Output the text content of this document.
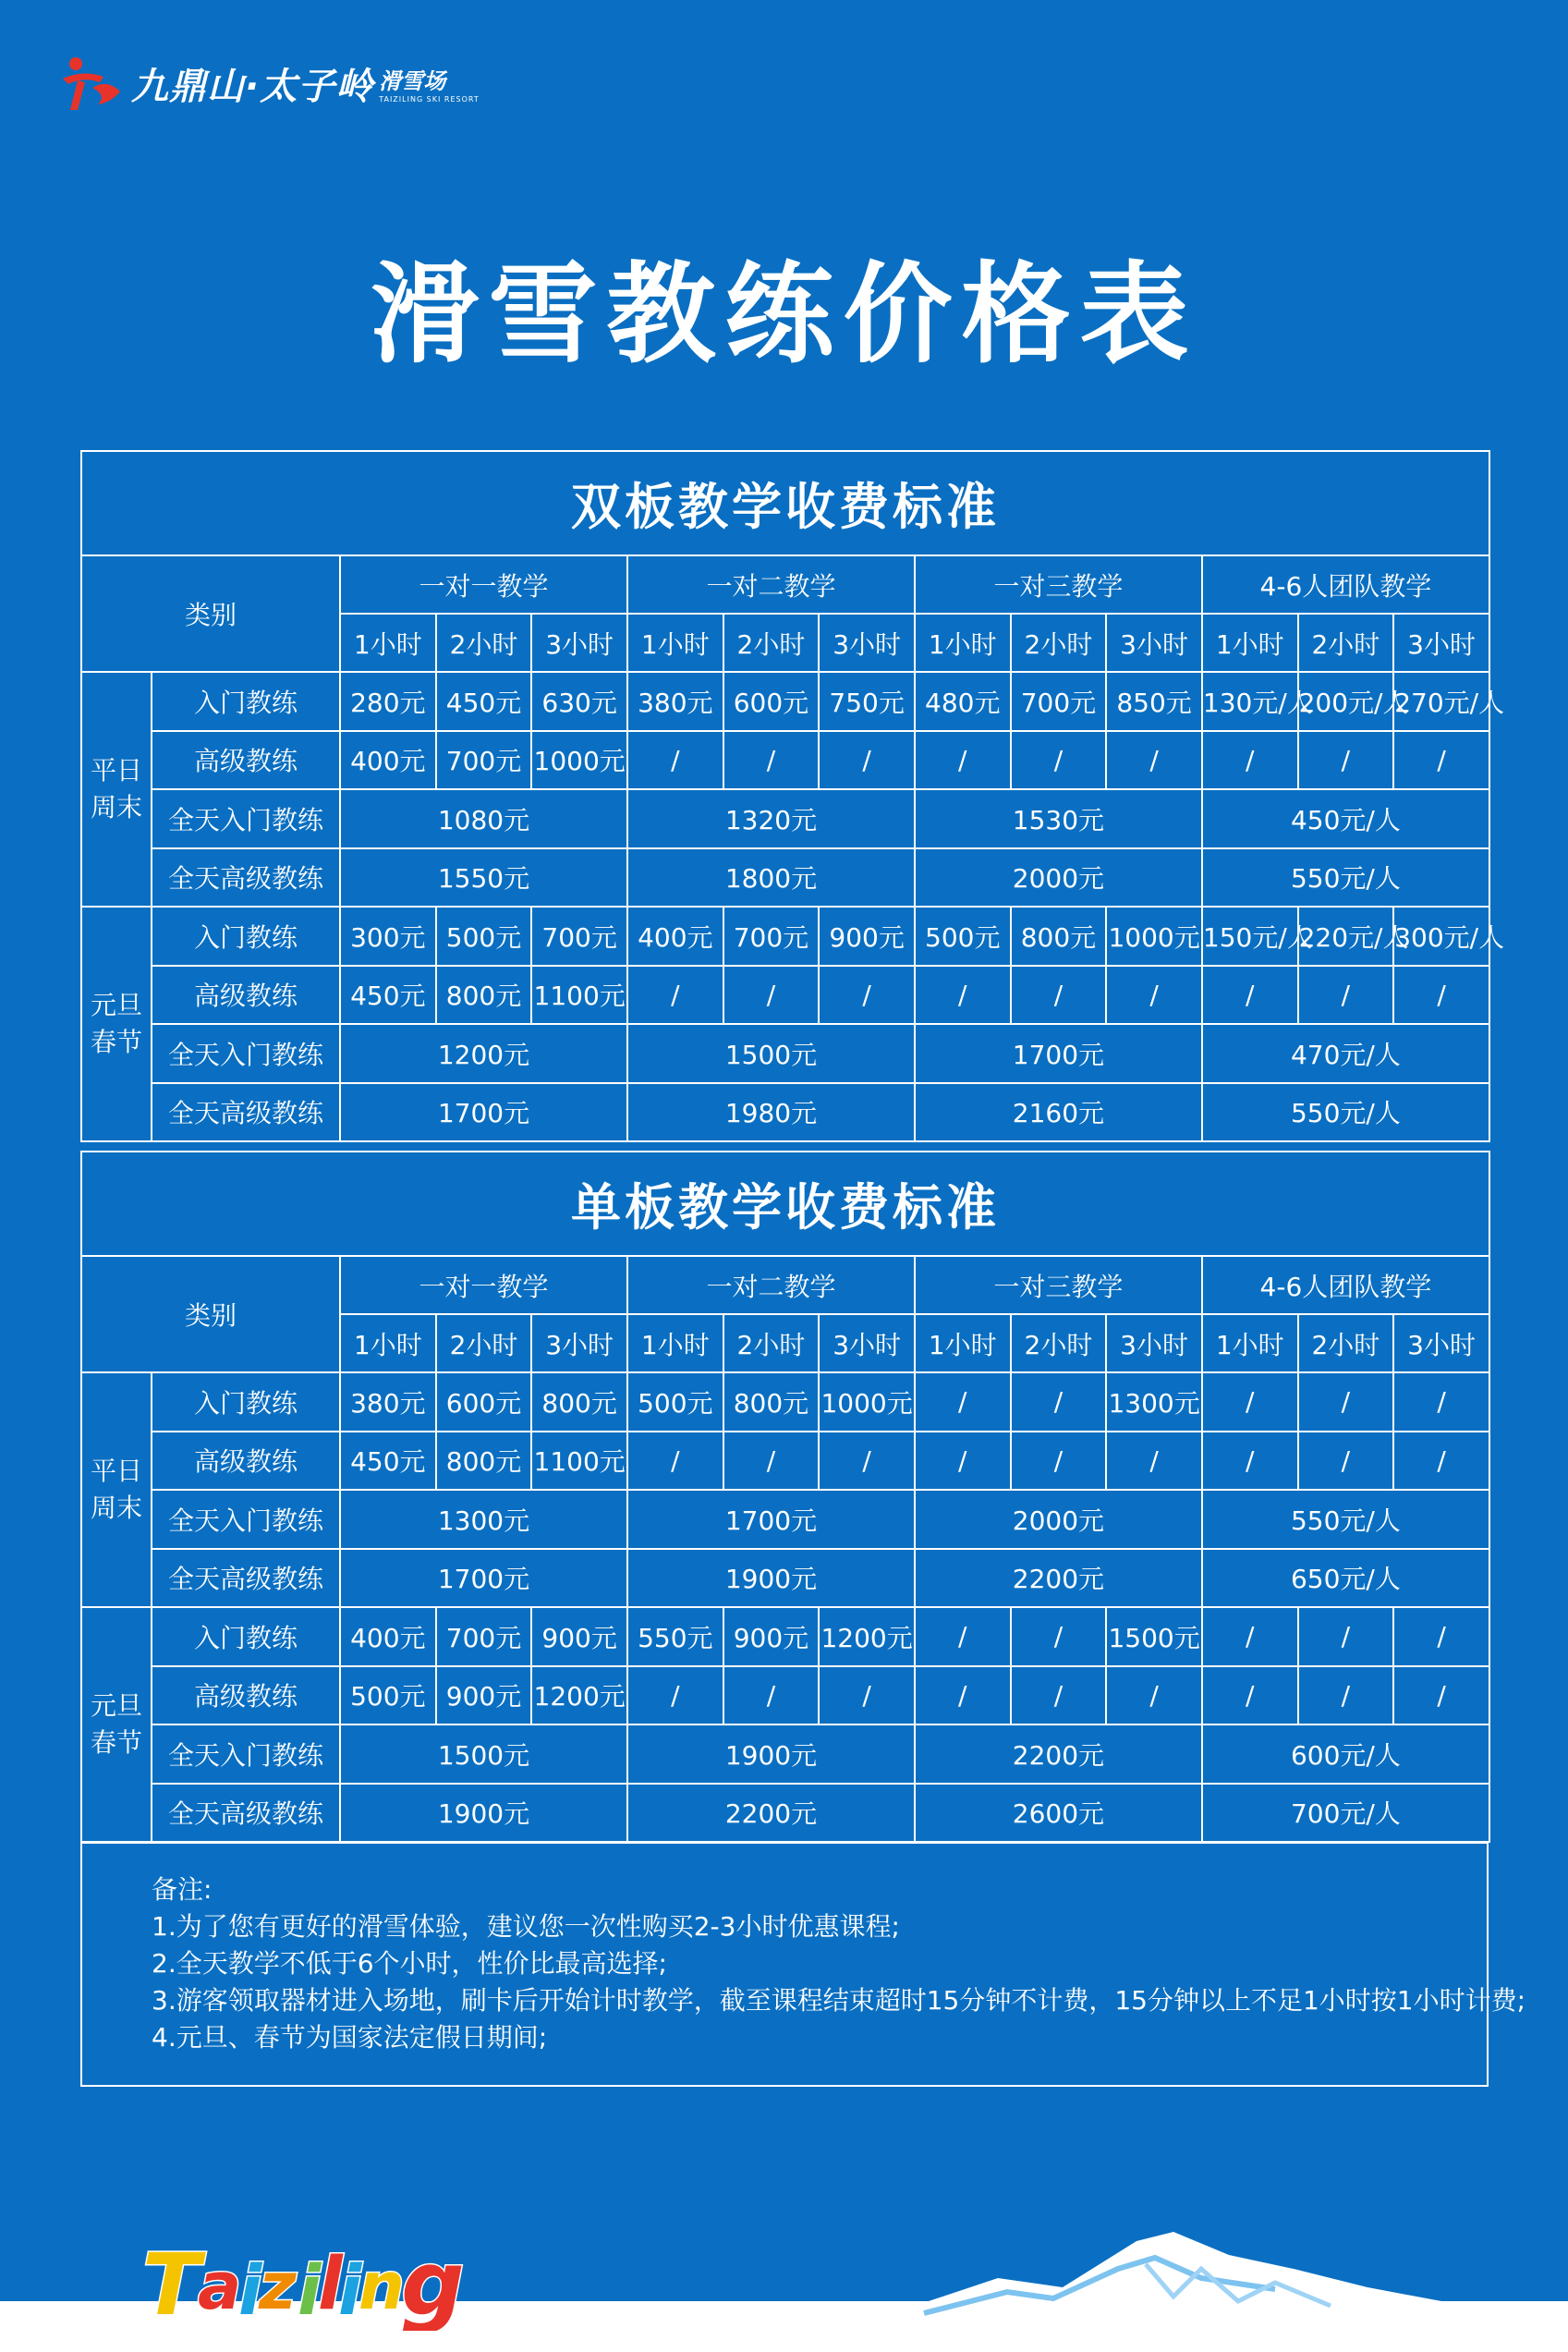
九鼎山·太子岭 滑雪场
TAIZILING SKI RESORT
滑雪教练价格表
双板教学收费标准													
类别		一对一教学			一对二教学			一对三教学			4-6人团队教学		
		1小时	2小时	3小时	1小时	2小时	3小时	1小时	2小时	3小时	1小时	2小时	3小时
平日周末	入门教练	280元	450元	630元	380元	600元	750元	480元	700元	850元	130元/人	200元/人	270元/人
	高级教练	400元	700元	1000元	/	/	/	/	/	/	/	/	/
	全天入门教练	1080元			1320元			1530元			450元/人		
	全天高级教练	1550元			1800元			2000元			550元/人		
元旦春节	入门教练	300元	500元	700元	400元	700元	900元	500元	800元	1000元	150元/人	220元/人	300元/人
	高级教练	450元	800元	1100元	/	/	/	/	/	/	/	/	/
	全天入门教练	1200元			1500元			1700元			470元/人		
	全天高级教练	1700元			1980元			2160元			550元/人		
单板教学收费标准													
类别		一对一教学			一对二教学			一对三教学			4-6人团队教学		
		1小时	2小时	3小时	1小时	2小时	3小时	1小时	2小时	3小时	1小时	2小时	3小时
平日周末	入门教练	380元	600元	800元	500元	800元	1000元	/	/	1300元	/	/	/
	高级教练	450元	800元	1100元	/	/	/	/	/	/	/	/	/
	全天入门教练	1300元			1700元			2000元			550元/人		
	全天高级教练	1700元			1900元			2200元			650元/人		
元旦春节	入门教练	400元	700元	900元	550元	900元	1200元	/	/	1500元	/	/	/
	高级教练	500元	900元	1200元	/	/	/	/	/	/	/	/	/
	全天入门教练	1500元			1900元			2200元			600元/人		
	全天高级教练	1900元			2200元			2600元			700元/人		
备注:
1.为了您有更好的滑雪体验，建议您一次性购买2-3小时优惠课程;
2.全天教学不低于6个小时，性价比最高选择;
3.游客领取器材进入场地，刷卡后开始计时教学，截至课程结束超时15分钟不计费，15分钟以上不足1小时按1小时计费;
4.元旦、春节为国家法定假日期间;
T
a
i
z i
l
i
n
g
